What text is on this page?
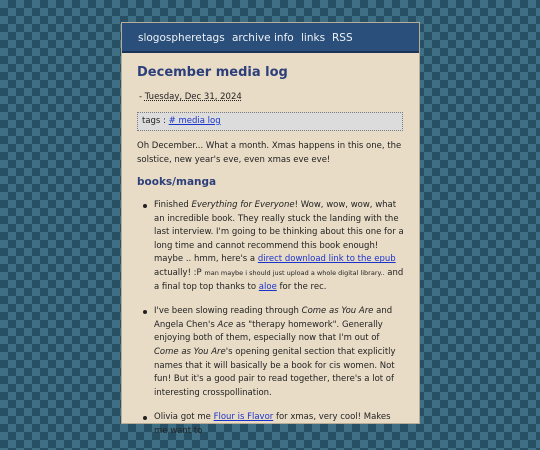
slogosphere tags archive info links RSS
December media log
- Tuesday, Dec 31, 2024
tags : # media log

Oh December... What a month. Xmas happens in this one, the solstice, new year's eve, even xmas eve eve!

books/manga
Finished Everything for Everyone! Wow, wow, wow, what an incredible book. They really stuck the landing with the last interview. I'm going to be thinking about this one for a long time and cannot recommend this book enough! maybe .. hmm, here's a direct download link to the epub actually! :P man maybe i should just upload a whole digital library.. and a final top top thanks to aloe for the rec.
I've been slowing reading through Come as You Are and Angela Chen's Ace as "therapy homework". Generally enjoying both of them, especially now that I'm out of Come as You Are's opening genital section that explicitly names that it will basically be a book for cis women. Not fun! But it's a good pair to read together, there's a lot of interesting crosspollination.
Olivia got me Flour is Flavor for xmas, very cool! Makes me want to
